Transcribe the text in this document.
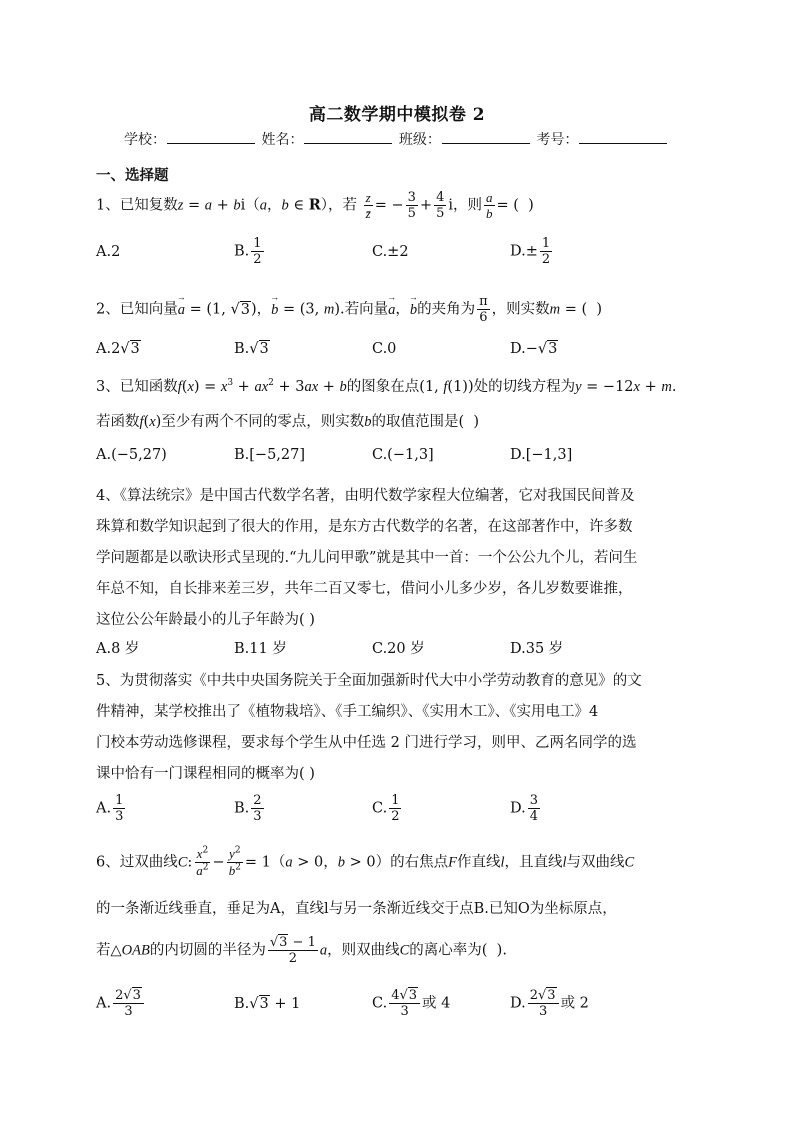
高二数学期中模拟卷 2
学校：	姓名：	班级：	考号：
一、选择题
1、已知复数z = a + bi（a，b ∈ R），若 $\frac{z}{z̄}$ = − $\frac{3}{5} + \frac{4}{5}$ i，则 $\frac{a}{b}$ = (  )
A.2	B. $\frac{1}{2}$	C.±2	$D.\pm \frac{1}{2}$
2、已知向量→ a = (1, √3)，→ b = (3, m).若向量→ a，→ b的夹角为 $\frac{\pi}{6}$ ，则实数m = (  )
A.2√3	B.√3	C.0	D.−√3
3、已知函数$f(x) = x^3 + ax^2 + 3ax + b$的图象在点(1, f(1))处的切线方程为y = −12x + m.
若函数f(x)至少有两个不同的零点，则实数b的取值范围是(  )
A.(−5,27)	B.[−5,27]	C.(−1,3]	D.[−1,3]
4、《算法统宗》是中国古代数学名著，由明代数学家程大位编著，它对我国民间普及
珠算和数学知识起到了很大的作用，是东方古代数学的名著，在这部著作中，许多数
学问题都是以歌诀形式呈现的.“九儿问甲歌”就是其中一首：一个公公九个儿，若问生
年总不知，自长排来差三岁，共年二百又零七，借问小儿多少岁，各儿岁数要谁推，
这位公公年龄最小的儿子年龄为( )
A.8 岁	B.11 岁	C.20 岁	D.35 岁
5、为贯彻落实《中共中央国务院关于全面加强新时代大中小学劳动教育的意见》的文
件精神，某学校推出了《植物栽培》、《手工编织》、《实用木工》、《实用电工》4
门校本劳动选修课程，要求每个学生从中任选 2 门进行学习，则甲、乙两名同学的选
课中恰有一门课程相同的概率为( )
A. $\frac{1}{3}$	B. $\frac{2}{3}$	C. $\frac{1}{2}$	D. $\frac{3}{4}$
6、过双曲线C: $\frac{x^2}{a^2} - \frac{y^2}{b^2} = 1(a > 0$，b > 0）的右焦点F作直线l，且直线l与双曲线C
的一条渐近线垂直，垂足为A，直线l与另一条渐近线交于点B.已知O为坐标原点，
若△OAB的内切圆的半径为 $\frac{√3 - 1}{2}$ a，则双曲线C的离心率为(  ).
A. $\frac{2√3}{3}$	B.√3 + 1	C. $\frac{4√3}{3}$ 或 4	D. $\frac{2√3}{3}$ 或 2
